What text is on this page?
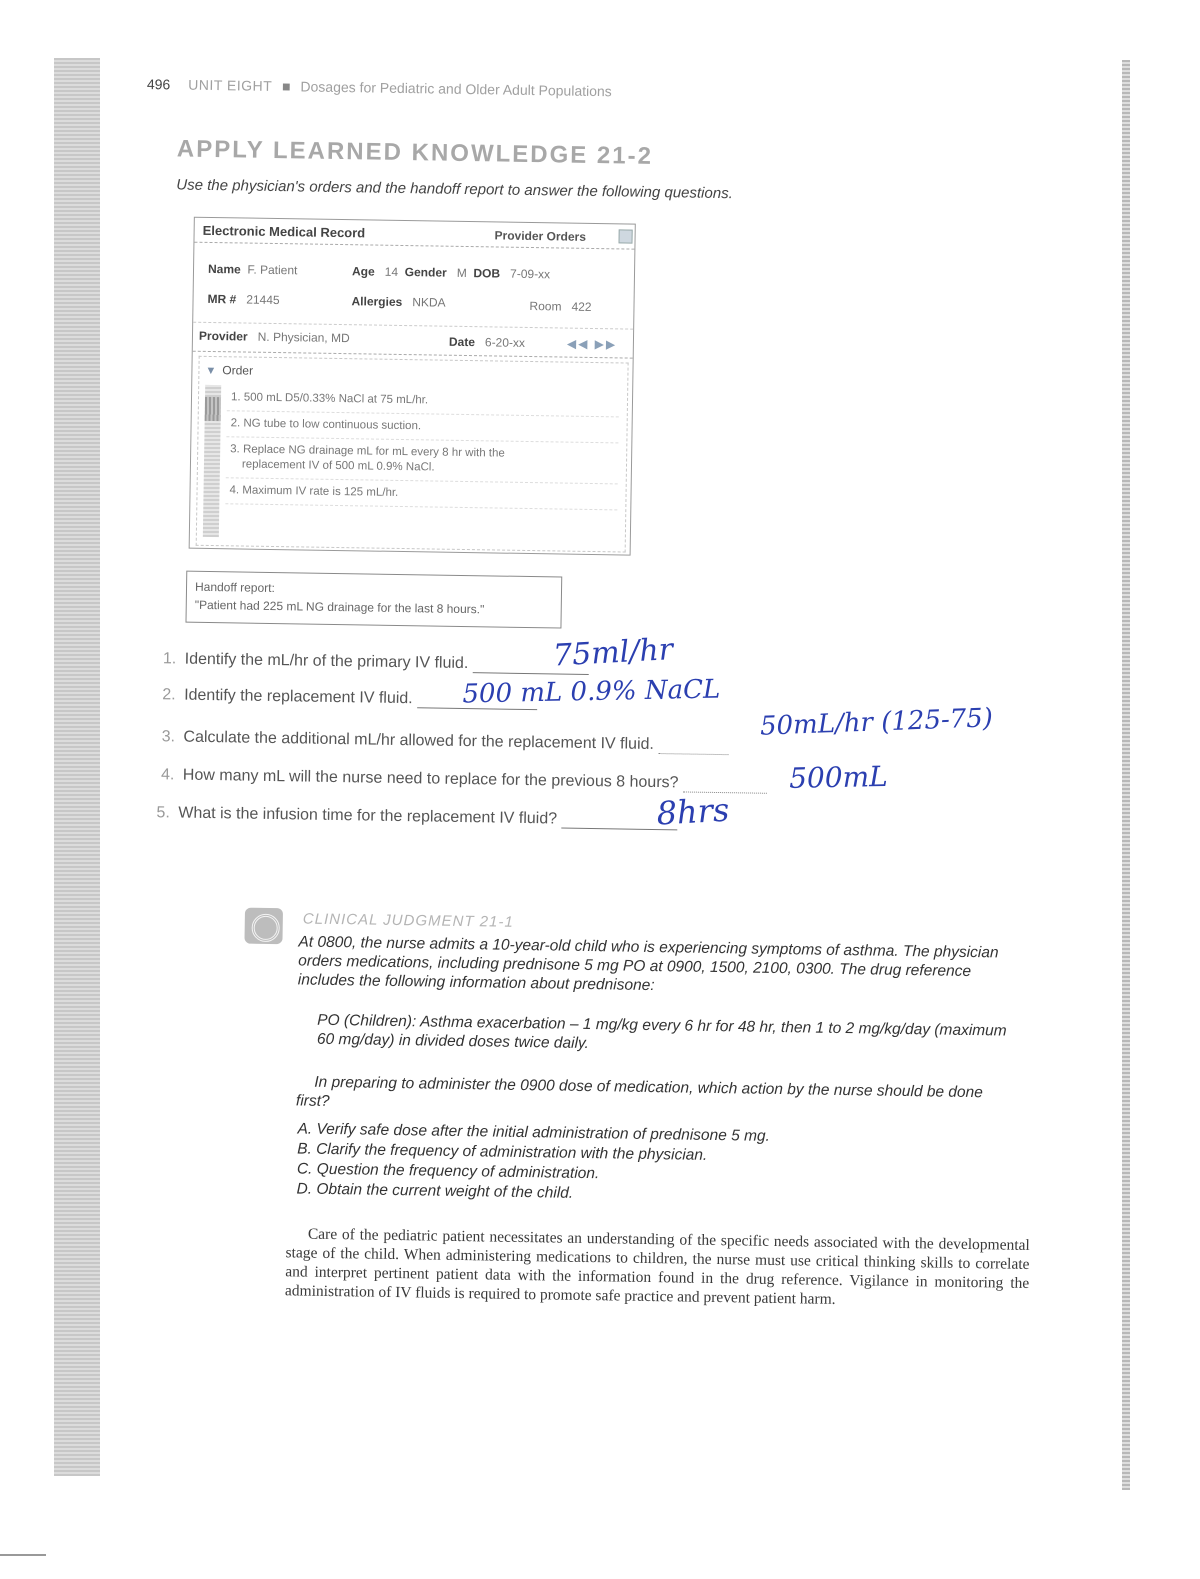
496 UNIT EIGHT ■ Dosages for Pediatric and Older Adult Populations
APPLY LEARNED KNOWLEDGE 21-2
Use the physician's orders and the handoff report to answer the following questions.
Electronic Medical Record	Provider Orders
Name F. Patient	Age 14 Gender M DOB 7-09-xx
MR # 21445	Allergies NKDA	Room 422
Provider N. Physician, MD	Date 6-20-xx	◀◀ ▶▶
▼ Order
1. 500 mL D5/0.33% NaCl at 75 mL/hr.
2. NG tube to low continuous suction.
3. Replace NG drainage mL for mL every 8 hr with the
replacement IV of 500 mL 0.9% NaCl.
4. Maximum IV rate is 125 mL/hr.
Handoff report:
"Patient had 225 mL NG drainage for the last 8 hours."
1. Identify the mL/hr of the primary IV fluid.	75ml/hr
2. Identify the replacement IV fluid.	500 mL 0.9% NaCL
3. Calculate the additional mL/hr allowed for the replacement IV fluid.	50mL/hr (125-75)
4. How many mL will the nurse need to replace for the previous 8 hours?	500mL
5. What is the infusion time for the replacement IV fluid?	8hrs
CLINICAL JUDGMENT 21-1
At 0800, the nurse admits a 10-year-old child who is experiencing symptoms of asthma. The physician orders medications, including prednisone 5 mg PO at 0900, 1500, 2100, 0300. The drug reference includes the following information about prednisone:
PO (Children): Asthma exacerbation – 1 mg/kg every 6 hr for 48 hr, then 1 to 2 mg/kg/day (maximum 60 mg/day) in divided doses twice daily.
In preparing to administer the 0900 dose of medication, which action by the nurse should be done first?
A. Verify safe dose after the initial administration of prednisone 5 mg.
B. Clarify the frequency of administration with the physician.
C. Question the frequency of administration.
D. Obtain the current weight of the child.
Care of the pediatric patient necessitates an understanding of the specific needs associated with the developmental stage of the child. When administering medications to children, the nurse must use critical thinking skills to correlate and interpret pertinent patient data with the information found in the drug reference. Vigilance in monitoring the administration of IV fluids is required to promote safe practice and prevent patient harm.
